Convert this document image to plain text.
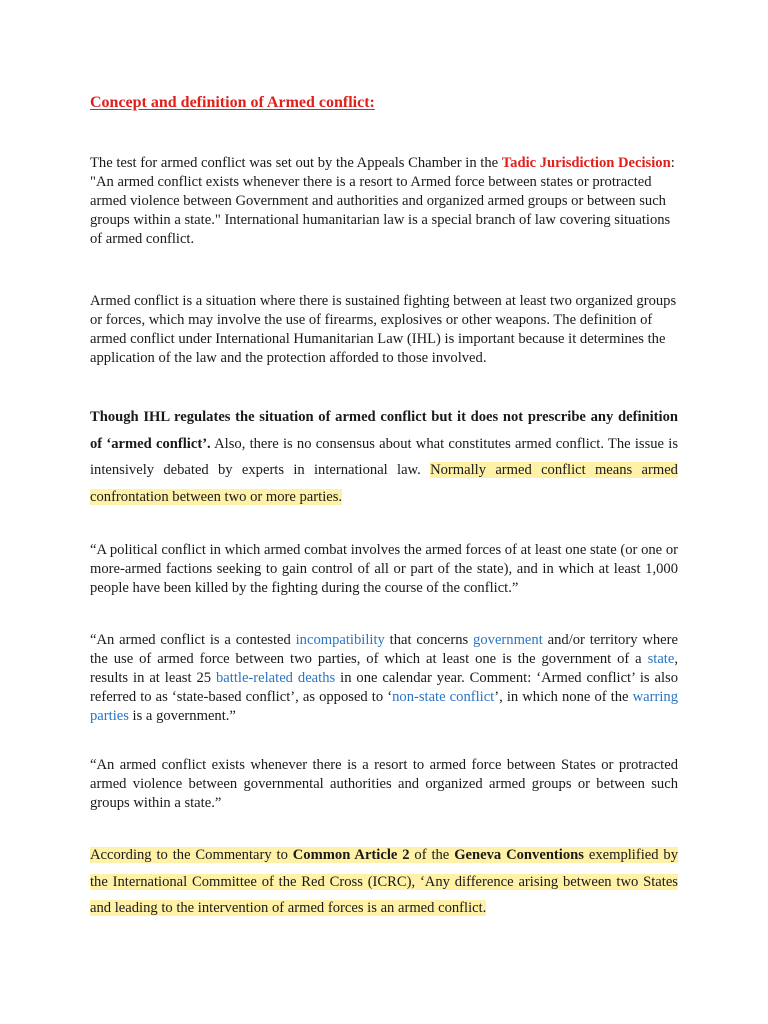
Concept and definition of Armed conflict:

The test for armed conflict was set out by the Appeals Chamber in the Tadic Jurisdiction Decision: "An armed conflict exists whenever there is a resort to Armed force between states or protracted armed violence between Government and authorities and organized armed groups or between such groups within a state." International humanitarian law is a special branch of law covering situations of armed conflict.

Armed conflict is a situation where there is sustained fighting between at least two organized groups or forces, which may involve the use of firearms, explosives or other weapons. The definition of armed conflict under International Humanitarian Law (IHL) is important because it determines the application of the law and the protection afforded to those involved.

Though IHL regulates the situation of armed conflict but it does not prescribe any definition of ‘armed conflict’. Also, there is no consensus about what constitutes armed conflict. The issue is intensively debated by experts in international law. Normally armed conflict means armed confrontation between two or more parties.

“A political conflict in which armed combat involves the armed forces of at least one state (or one or more-armed factions seeking to gain control of all or part of the state), and in which at least 1,000 people have been killed by the fighting during the course of the conflict.”

“An armed conflict is a contested incompatibility that concerns government and/or territory where the use of armed force between two parties, of which at least one is the government of a state, results in at least 25 battle-related deaths in one calendar year. Comment: ‘Armed conflict’ is also referred to as ‘state-based conflict’, as opposed to ‘non-state conflict’, in which none of the warring parties is a government.”

“An armed conflict exists whenever there is a resort to armed force between States or protracted armed violence between governmental authorities and organized armed groups or between such groups within a state.”

According to the Commentary to Common Article 2 of the Geneva Conventions exemplified by the International Committee of the Red Cross (ICRC), ‘Any difference arising between two States and leading to the intervention of armed forces is an armed conflict.
